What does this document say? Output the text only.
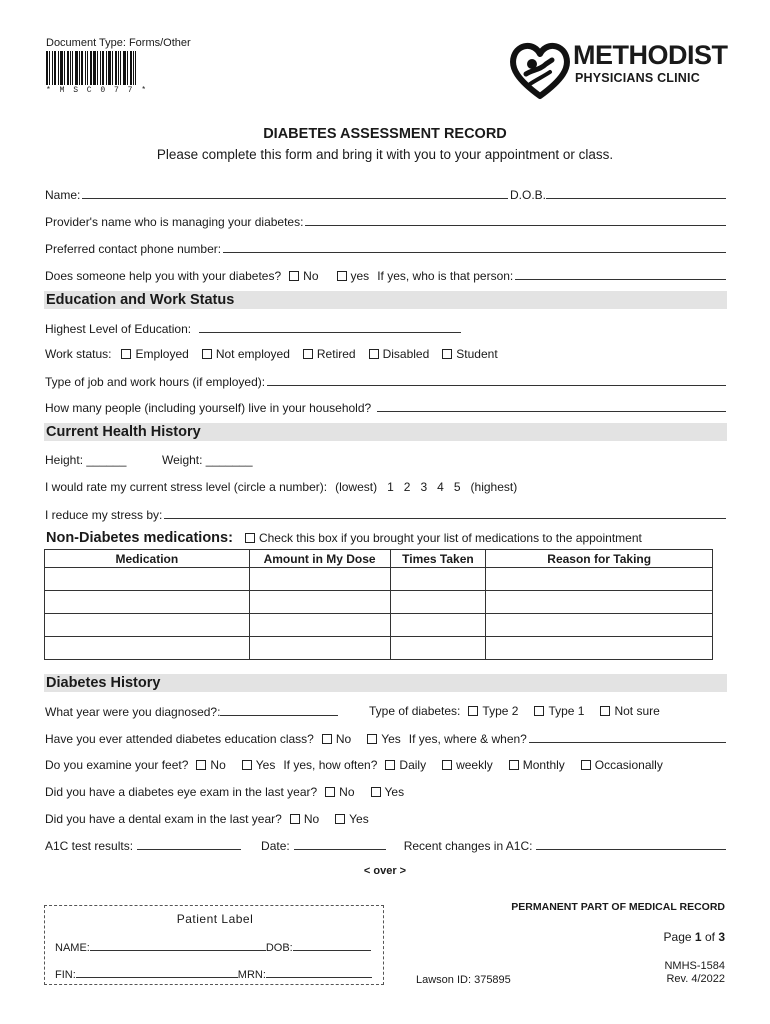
Document Type: Forms/Other
* M S C 0 7 7 *
METHODIST
PHYSICIANS CLINIC
DIABETES ASSESSMENT RECORD
Please complete this form and bring it with you to your appointment or class.
Name:	D.O.B.
Provider's name who is managing your diabetes:
Preferred contact phone number:
Does someone help you with your diabetes?	No	yes If yes, who is that person:
Education and Work Status
Highest Level of Education:
Work status:	Employed	Not employed	Retired	Disabled	Student
Type of job and work hours (if employed):
How many people (including yourself) live in your household?
Current Health History
Height: ______	Weight: _______
I would rate my current stress level (circle a number): (lowest) 1 2 3 4 5 (highest)
I reduce my stress by:
Non-Diabetes medications: Check this box if you brought your list of medications to the appointment
Medication	Amount in My Dose	Times Taken	Reason for Taking

Diabetes History
What year were you diagnosed?:	Type of diabetes:	Type 2	Type 1	Not sure
Have you ever attended diabetes education class?	No	Yes If yes, where & when?
Do you examine your feet?	No	Yes If yes, how often?	Daily	weekly	Monthly	Occasionally
Did you have a diabetes eye exam in the last year?	No	Yes
Did you have a dental exam in the last year?	No	Yes
A1C test results:	Date:	Recent changes in A1C:
< over >
Patient Label
NAME:	DOB:
FIN:	MRN:	Lawson ID: 375895
PERMANENT PART OF MEDICAL RECORD
Page 1 of 3
NMHS-1584
Rev. 4/2022
